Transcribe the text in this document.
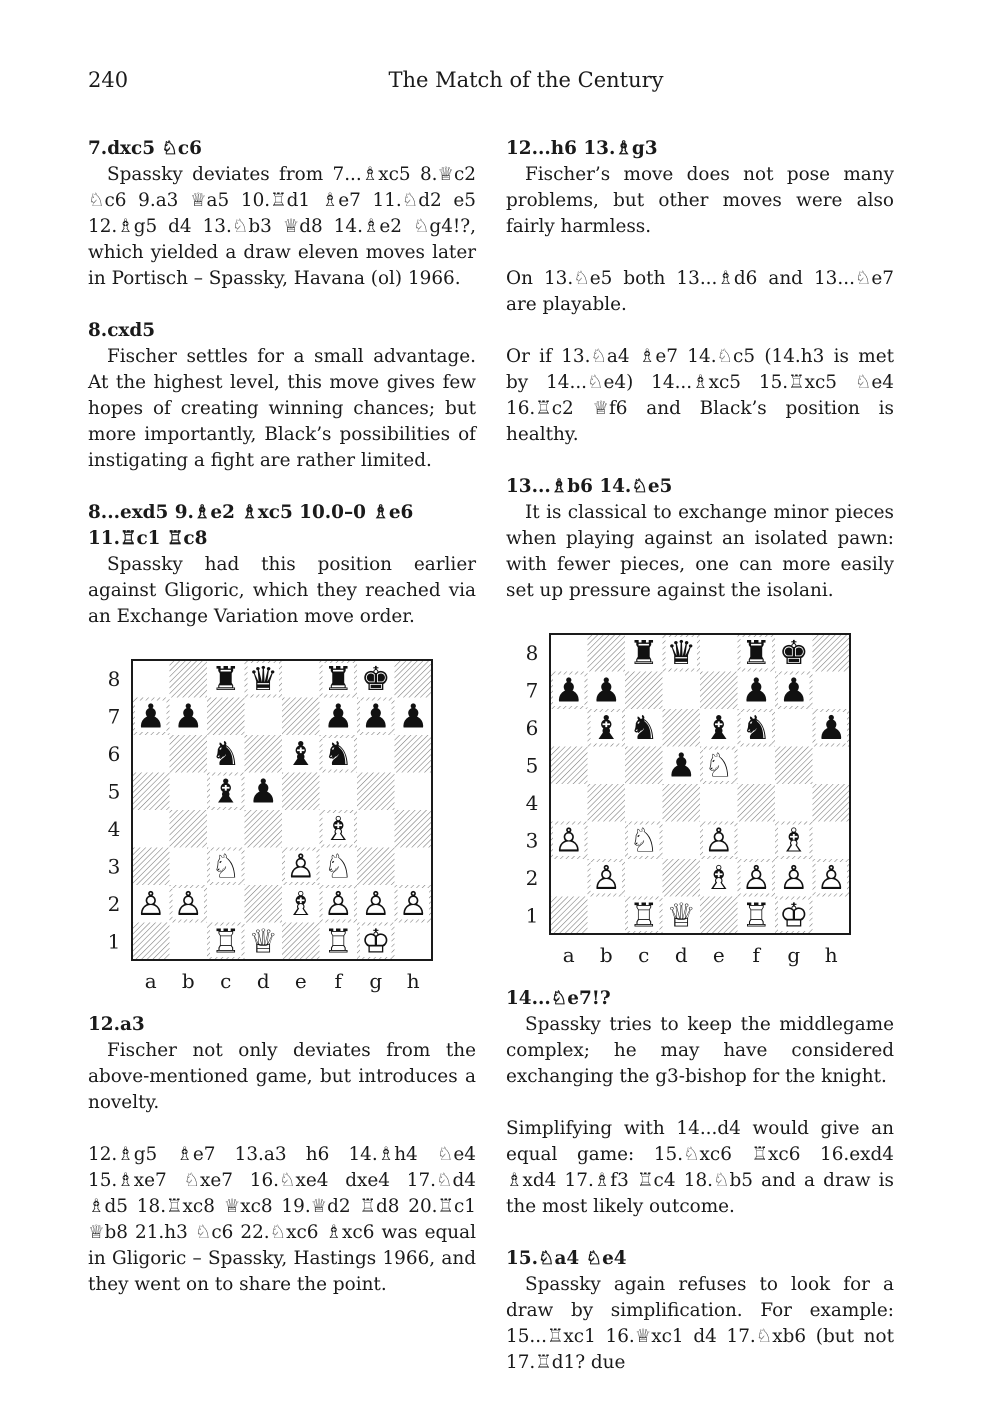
240	The Match of the Century

7.dxc5 ♘c6

Spassky deviates from 7...♗xc5 8.♕c2 ♘c6 9.a3 ♕a5 10.♖d1 ♗e7 11.♘d2 e5 12.♗g5 d4 13.♘b3 ♕d8 14.♗e2 ♘g4!?, which yielded a draw eleven moves later in Portisch – Spassky, Havana (ol) 1966.

8.cxd5

Fischer settles for a small advantage. At the highest level, this move gives few hopes of creating winning chances; but more importantly, Black’s possibilities of instigating a fight are rather limited.

8...exd5 9.♗e2 ♗xc5 10.0–0 ♗e6 11.♖c1 ♖c8

Spassky had this position earlier against Gligoric, which they reached via an Exchange Variation move order.

8
7
6
5
4
3
2
1
a b c d e f g h
♜ ♛ ♜ ♚
♟ ♟	♟ ♟ ♟
♞ ♝ ♞
♝ ♟
♗
♘ ♙ ♘
♙ ♙	♗ ♙ ♙ ♙
♖ ♕ ♖ ♔

12.a3

Fischer not only deviates from the above-mentioned game, but introduces a novelty.

12.♗g5 ♗e7 13.a3 h6 14.♗h4 ♘e4 15.♗xe7 ♘xe7 16.♘xe4 dxe4 17.♘d4 ♗d5 18.♖xc8 ♕xc8 19.♕d2 ♖d8 20.♖c1 ♕b8 21.h3 ♘c6 22.♘xc6 ♗xc6 was equal in Gligoric – Spassky, Hastings 1966, and they went on to share the point.

12...h6 13.♗g3

Fischer’s move does not pose many problems, but other moves were also fairly harmless.

On 13.♘e5 both 13...♗d6 and 13...♘e7 are playable.

Or if 13.♘a4 ♗e7 14.♘c5 (14.h3 is met by 14...♘e4) 14...♗xc5 15.♖xc5 ♘e4 16.♖c2 ♕f6 and Black’s position is healthy.

13...♗b6 14.♘e5

It is classical to exchange minor pieces when playing against an isolated pawn: with fewer pieces, one can more easily set up pressure against the isolani.

8
7
6
5
4
3
2
1
a b c d e f g h
♜ ♛ ♜ ♚
♟ ♟	♟ ♟
♝ ♞ ♝ ♞ ♟
♟ ♘
♙ ♘ ♙ ♗
♙	♗ ♙ ♙ ♙
♖ ♕ ♖ ♔

14...♘e7!?

Spassky tries to keep the middlegame complex; he may have considered exchanging the g3-bishop for the knight.

Simplifying with 14...d4 would give an equal game: 15.♘xc6 ♖xc6 16.exd4 ♗xd4 17.♗f3 ♖c4 18.♘b5 and a draw is the most likely outcome.

15.♘a4 ♘e4

Spassky again refuses to look for a draw by simplification. For example: 15...♖xc1 16.♕xc1 d4 17.♘xb6 (but not 17.♖d1? due
